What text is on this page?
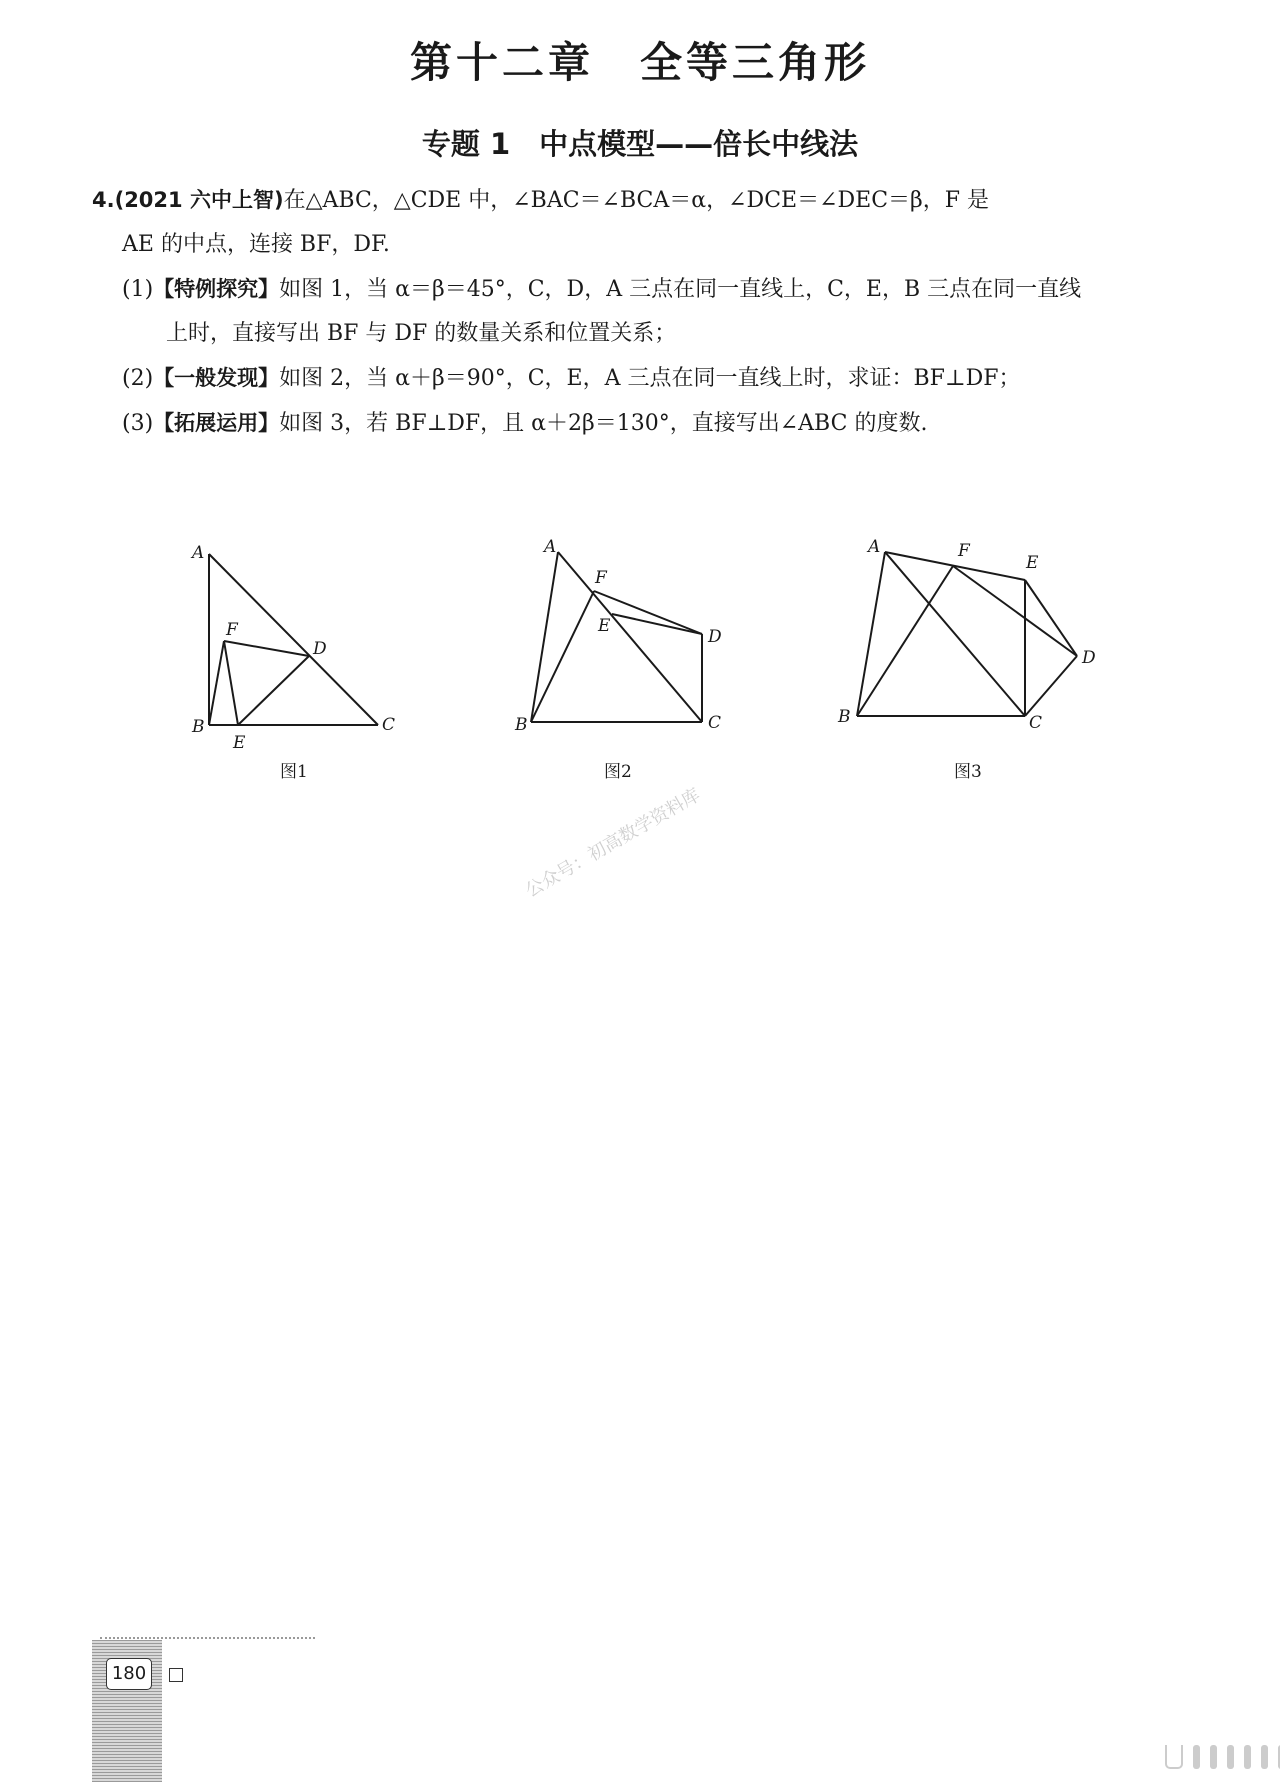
第十二章　全等三角形
专题 1　中点模型——倍长中线法

4.(2021 六中上智)在△ABC，△CDE 中，∠BAC＝∠BCA＝α，∠DCE＝∠DEC＝β，F 是

AE 的中点，连接 BF，DF.

(1)【特例探究】如图 1，当 α＝β＝45°，C，D，A 三点在同一直线上，C，E，B 三点在同一直线

上时，直接写出 BF 与 DF 的数量关系和位置关系；

(2)【一般发现】如图 2，当 α＋β＝90°，C，E，A 三点在同一直线上时，求证：BF⊥DF；

(3)【拓展运用】如图 3，若 BF⊥DF，且 α＋2β＝130°，直接写出∠ABC 的度数.

A
B	C
D
E
F
图1
A
B	C
D
E
F
图2
A
B	C
D
E
F
图3
公众号：初高数学资料库
180
